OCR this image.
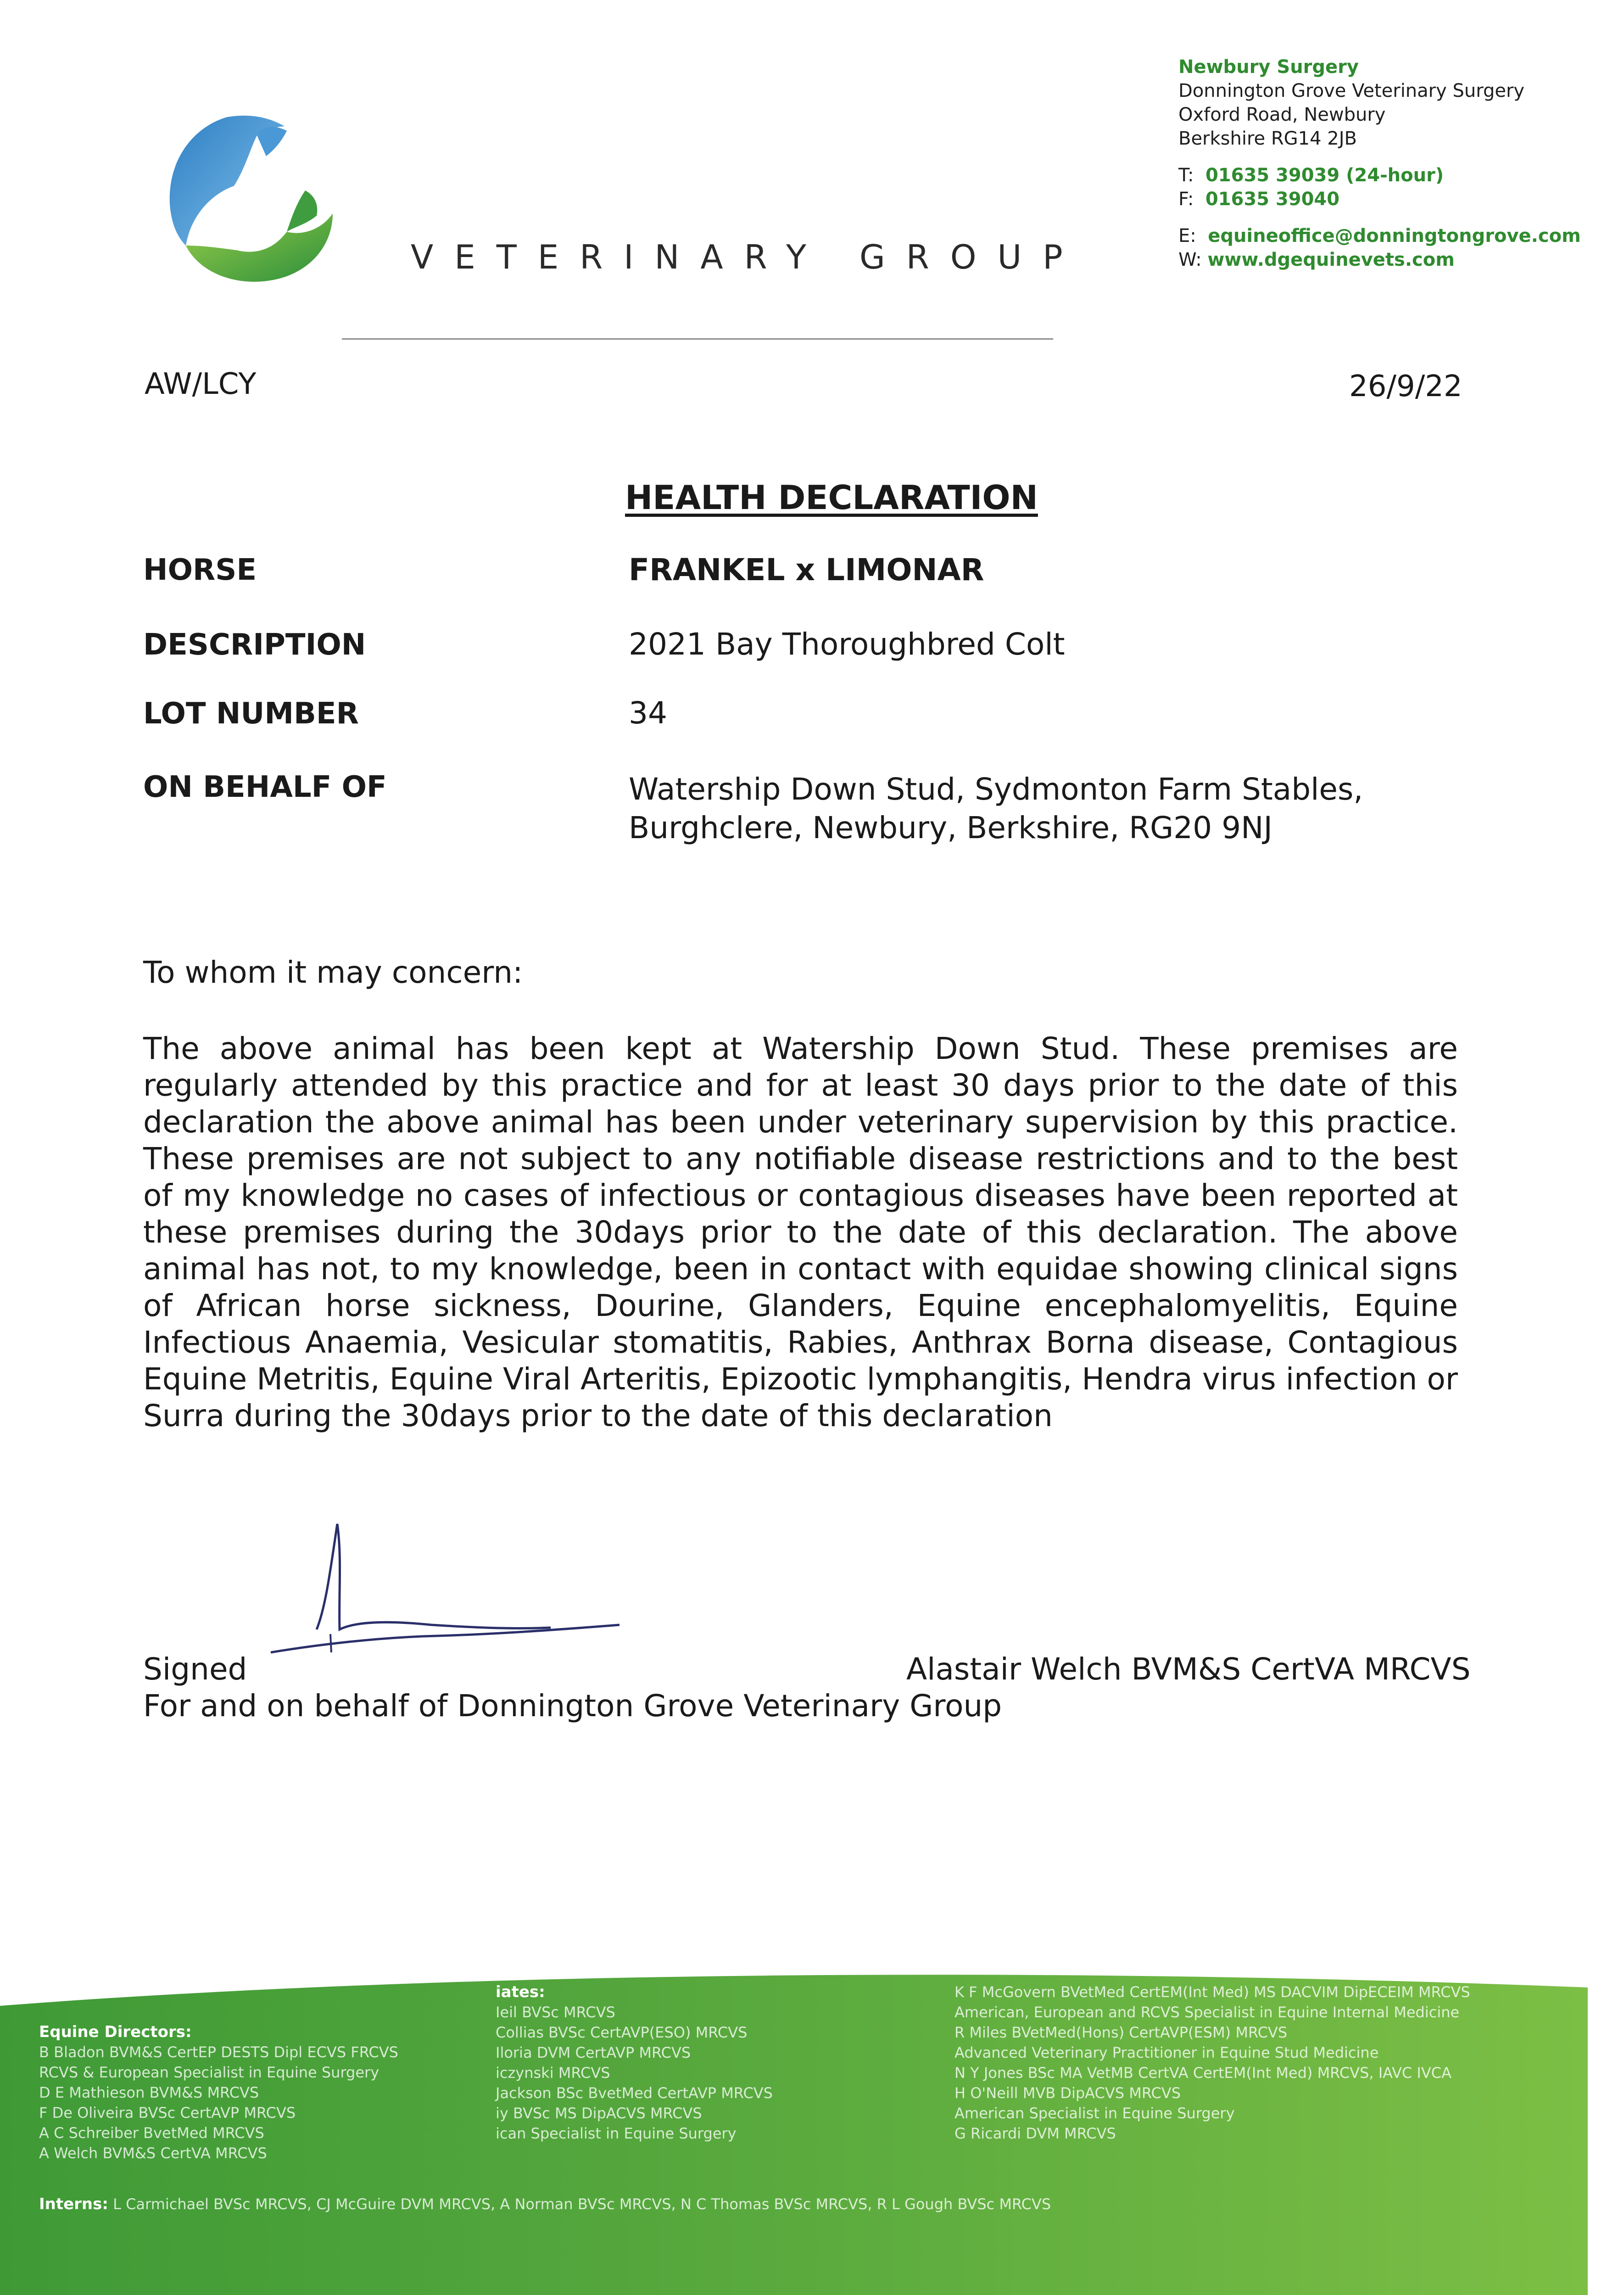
VETERINARY GROUP
Newbury Surgery
Donnington Grove Veterinary Surgery
Oxford Road, Newbury
Berkshire RG14 2JB
T: 01635 39039 (24-hour)
F: 01635 39040
E: equineoffice@donningtongrove.com
W: www.dgequinevets.com
AW/LCY	26/9/22
HEALTH DECLARATION
HORSE	FRANKEL x LIMONAR
DESCRIPTION	2021 Bay Thoroughbred Colt
LOT NUMBER	34
ON BEHALF OF	Watership Down Stud, Sydmonton Farm Stables,
Burghclere, Newbury, Berkshire, RG20 9NJ
To whom it may concern:
The above animal has been kept at Watership Down Stud. These premises are regularly attended by this practice and for at least 30 days prior to the date of this declaration the above animal has been under veterinary supervision by this practice. These premises are not subject to any notifiable disease restrictions and to the best of my knowledge no cases of infectious or contagious diseases have been reported at these premises during the 30days prior to the date of this declaration. The above animal has not, to my knowledge, been in contact with equidae showing clinical signs of African horse sickness, Dourine, Glanders, Equine encephalomyelitis, Equine Infectious Anaemia, Vesicular stomatitis, Rabies, Anthrax Borna disease, Contagious Equine Metritis, Equine Viral Arteritis, Epizootic lymphangitis, Hendra virus infection or Surra during the 30days prior to the date of this declaration
Signed	Alastair Welch BVM&S CertVA MRCVS
For and on behalf of Donnington Grove Veterinary Group
Equine Directors:
B Bladon BVM&S CertEP DESTS Dipl ECVS FRCVS
RCVS & European Specialist in Equine Surgery
D E Mathieson BVM&S MRCVS
F De Oliveira BVSc CertAVP MRCVS
A C Schreiber BvetMed MRCVS
A Welch BVM&S CertVA MRCVS
iates:
Ieil BVSc MRCVS
Collias BVSc CertAVP(ESO) MRCVS
Iloria DVM CertAVP MRCVS
iczynski MRCVS
Jackson BSc BvetMed CertAVP MRCVS
iy BVSc MS DipACVS MRCVS
ican Specialist in Equine Surgery
K F McGovern BVetMed CertEM(Int Med) MS DACVIM DipECEIM MRCVS
American, European and RCVS Specialist in Equine Internal Medicine
R Miles BVetMed(Hons) CertAVP(ESM) MRCVS
Advanced Veterinary Practitioner in Equine Stud Medicine
N Y Jones BSc MA VetMB CertVA CertEM(Int Med) MRCVS, IAVC IVCA
H O'Neill MVB DipACVS MRCVS
American Specialist in Equine Surgery
G Ricardi DVM MRCVS
Interns: L Carmichael BVSc MRCVS, CJ McGuire DVM MRCVS, A Norman BVSc MRCVS, N C Thomas BVSc MRCVS, R L Gough BVSc MRCVS
